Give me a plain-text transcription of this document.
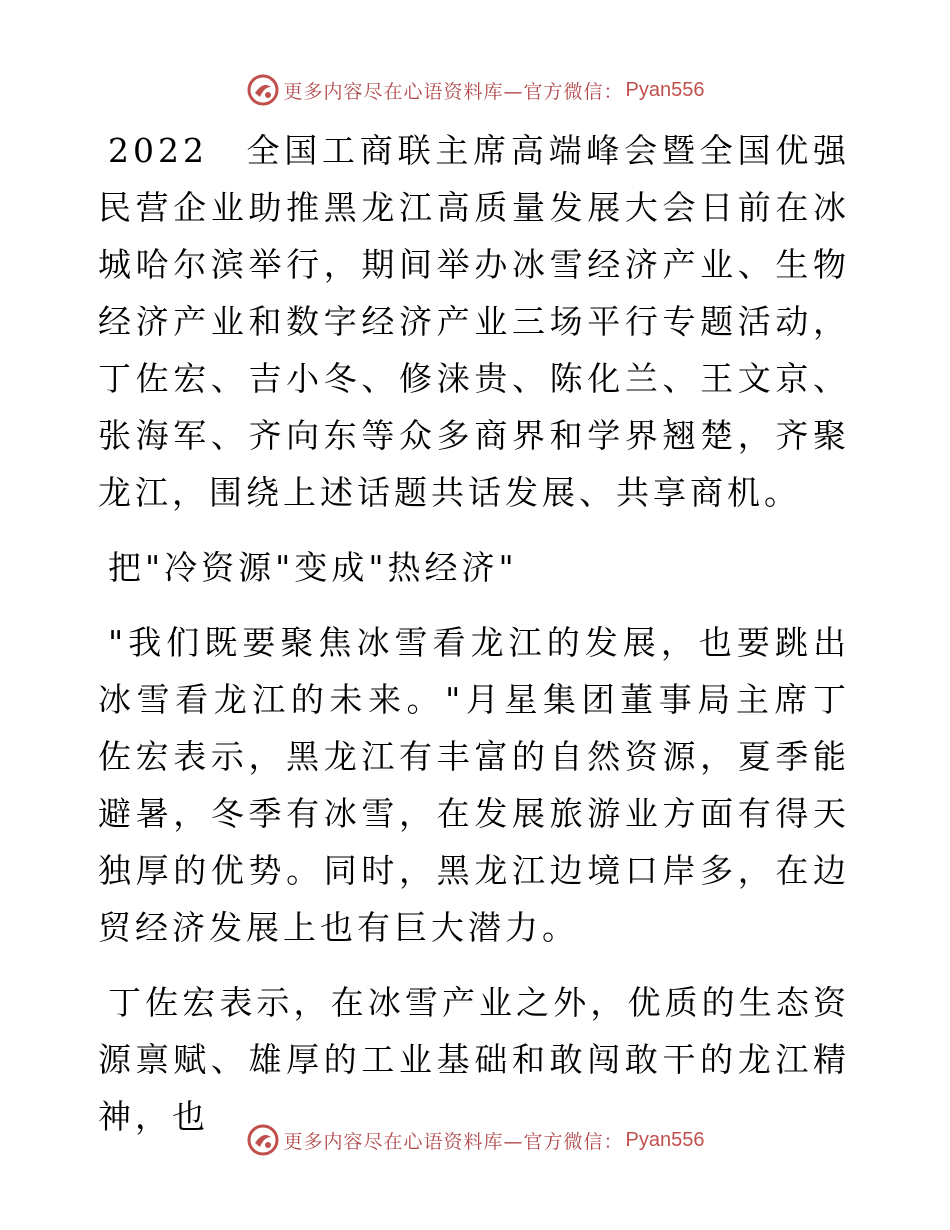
更多内容尽在心语资料库—官方微信： Pyan556

2022　全国工商联主席高端峰会暨全国优强民营企业助推黑龙江高质量发展大会日前在冰城哈尔滨举行，期间举办冰雪经济产业、生物经济产业和数字经济产业三场平行专题活动，丁佐宏、吉小冬、修涞贵、陈化兰、王文京、张海军、齐向东等众多商界和学界翘楚，齐聚龙江，围绕上述话题共话发展、共享商机。

把"冷资源"变成"热经济"

"我们既要聚焦冰雪看龙江的发展，也要跳出冰雪看龙江的未来。"月星集团董事局主席丁佐宏表示，黑龙江有丰富的自然资源，夏季能避暑，冬季有冰雪，在发展旅游业方面有得天独厚的优势。同时，黑龙江边境口岸多，在边贸经济发展上也有巨大潜力。

丁佐宏表示，在冰雪产业之外，优质的生态资源禀赋、雄厚的工业基础和敢闯敢干的龙江精神，也

更多内容尽在心语资料库—官方微信： Pyan556
